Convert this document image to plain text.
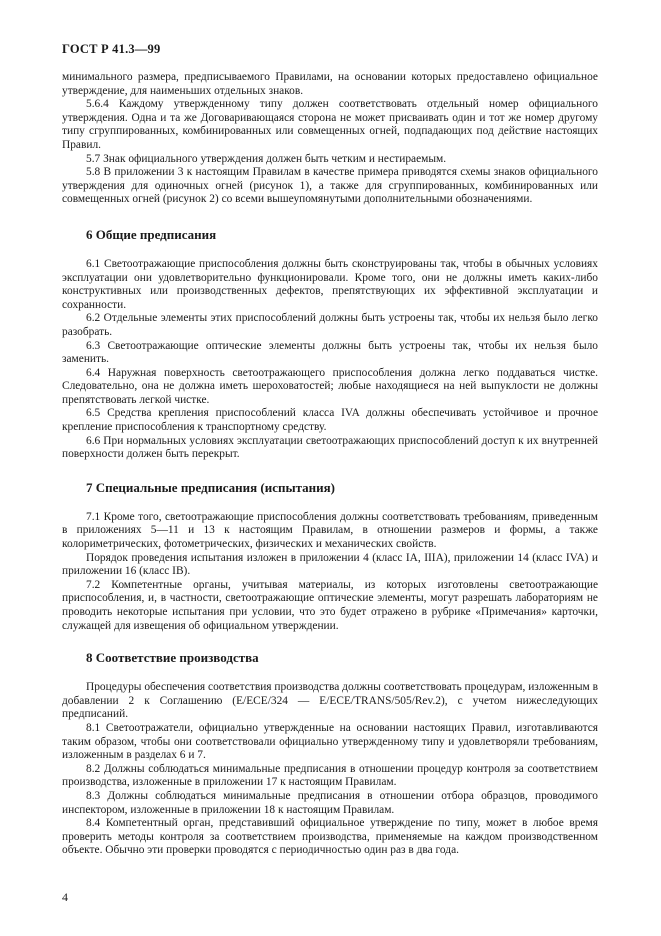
ГОСТ Р 41.3—99

минимального размера, предписываемого Правилами, на основании которых предоставлено официальное утверждение, для наименьших отдельных знаков.

5.6.4 Каждому утвержденному типу должен соответствовать отдельный номер официального утверждения. Одна и та же Договаривающаяся сторона не может присваивать один и тот же номер другому типу сгруппированных, комбинированных или совмещенных огней, подпадающих под действие настоящих Правил.

5.7 Знак официального утверждения должен быть четким и нестираемым.

5.8 В приложении 3 к настоящим Правилам в качестве примера приводятся схемы знаков официального утверждения для одиночных огней (рисунок 1), а также для сгруппированных, комбинированных или совмещенных огней (рисунок 2) со всеми вышеупомянутыми дополнительными обозначениями.

6 Общие предписания

6.1 Светоотражающие приспособления должны быть сконструированы так, чтобы в обычных условиях эксплуатации они удовлетворительно функционировали. Кроме того, они не должны иметь каких-либо конструктивных или производственных дефектов, препятствующих их эффективной эксплуатации и сохранности.

6.2 Отдельные элементы этих приспособлений должны быть устроены так, чтобы их нельзя было легко разобрать.

6.3 Светоотражающие оптические элементы должны быть устроены так, чтобы их нельзя было заменить.

6.4 Наружная поверхность светоотражающего приспособления должна легко поддаваться чистке. Следовательно, она не должна иметь шероховатостей; любые находящиеся на ней выпуклости не должны препятствовать легкой чистке.

6.5 Средства крепления приспособлений класса IVA должны обеспечивать устойчивое и прочное крепление приспособления к транспортному средству.

6.6 При нормальных условиях эксплуатации светоотражающих приспособлений доступ к их внутренней поверхности должен быть перекрыт.

7 Специальные предписания (испытания)

7.1 Кроме того, светоотражающие приспособления должны соответствовать требованиям, приведенным в приложениях 5—11 и 13 к настоящим Правилам, в отношении размеров и формы, а также колориметрических, фотометрических, физических и механических свойств.

Порядок проведения испытания изложен в приложении 4 (класс IA, IIIA), приложении 14 (класс IVA) и приложении 16 (класс IB).

7.2 Компетентные органы, учитывая материалы, из которых изготовлены светоотражающие приспособления, и, в частности, светоотражающие оптические элементы, могут разрешать лабораториям не проводить некоторые испытания при условии, что это будет отражено в рубрике «Примечания» карточки, служащей для извещения об официальном утверждении.

8 Соответствие производства

Процедуры обеспечения соответствия производства должны соответствовать процедурам, изложенным в добавлении 2 к Соглашению (E/ECE/324 — E/ECE/TRANS/505/Rev.2), с учетом нижеследующих предписаний.

8.1 Светоотражатели, официально утвержденные на основании настоящих Правил, изготавливаются таким образом, чтобы они соответствовали официально утвержденному типу и удовлетворяли требованиям, изложенным в разделах 6 и 7.

8.2 Должны соблюдаться минимальные предписания в отношении процедур контроля за соответствием производства, изложенные в приложении 17 к настоящим Правилам.

8.3 Должны соблюдаться минимальные предписания в отношении отбора образцов, проводимого инспектором, изложенные в приложении 18 к настоящим Правилам.

8.4 Компетентный орган, представивший официальное утверждение по типу, может в любое время проверить методы контроля за соответствием производства, применяемые на каждом производственном объекте. Обычно эти проверки проводятся с периодичностью один раз в два года.

4
